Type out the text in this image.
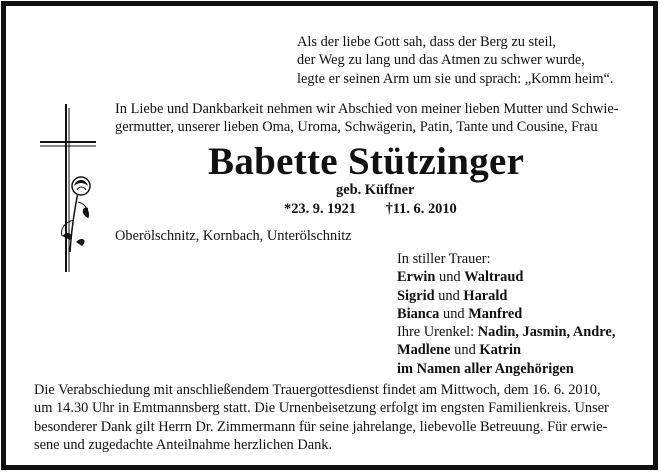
Als der liebe Gott sah, dass der Berg zu steil,
der Weg zu lang und das Atmen zu schwer wurde,
legte er seinen Arm um sie und sprach: „Komm heim“.
In Liebe und Dankbarkeit nehmen wir Abschied von meiner lieben Mutter und Schwie-
germutter, unserer lieben Oma, Uroma, Schwägerin, Patin, Tante und Cousine, Frau
Babette Stützinger
geb. Küffner
*23. 9. 1921 †11. 6. 2010
Oberölschnitz, Kornbach, Unterölschnitz
In stiller Trauer:
Erwin und Waltraud
Sigrid und Harald
Bianca und Manfred
Ihre Urenkel: Nadin, Jasmin, Andre,
Madlene und Katrin
im Namen aller Angehörigen
Die Verabschiedung mit anschließendem Trauergottesdienst findet am Mittwoch, dem 16. 6. 2010,
um 14.30 Uhr in Emtmannsberg statt. Die Urnenbeisetzung erfolgt im engsten Familienkreis. Unser
besonderer Dank gilt Herrn Dr. Zimmermann für seine jahrelange, liebevolle Betreuung. Für erwie-
sene und zugedachte Anteilnahme herzlichen Dank.
